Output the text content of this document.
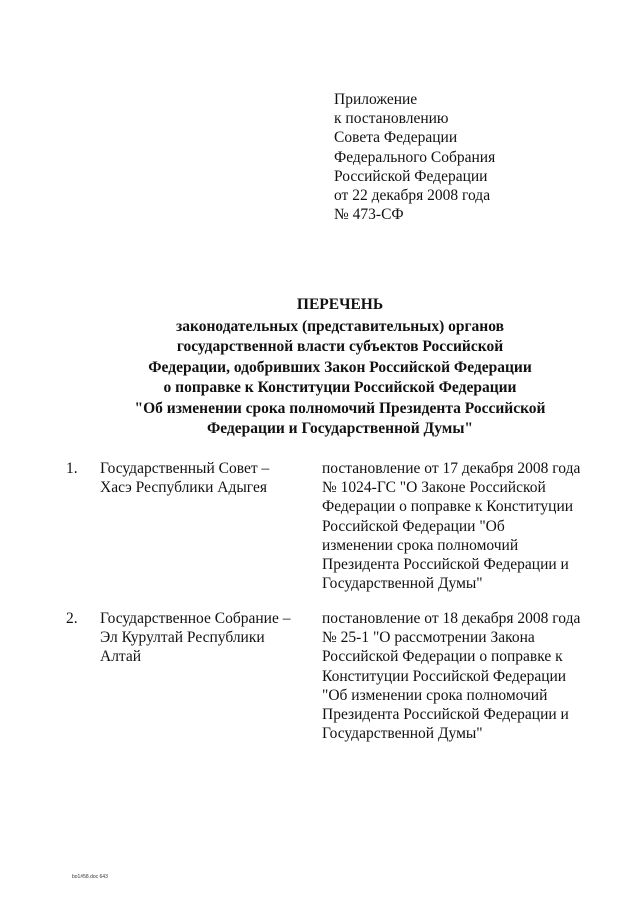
Приложение
к постановлению
Совета Федерации
Федерального Собрания
Российской Федерации
от 22 декабря 2008 года
№ 473-СФ
ПЕРЕЧЕНЬ
законодательных (представительных) органов
государственной власти субъектов Российской
Федерации, одобривших Закон Российской Федерации
о поправке к Конституции Российской Федерации
"Об изменении срока полномочий Президента Российской
Федерации и Государственной Думы"
1. Государственный Совет –
Хасэ Республики Адыгея
постановление от 17 декабря 2008 года
№ 1024-ГС "О Законе Российской
Федерации о поправке к Конституции
Российской Федерации "Об
изменении срока полномочий
Президента Российской Федерации и
Государственной Думы"
2. Государственное Собрание –
Эл Курултай Республики
Алтай
постановление от 18 декабря 2008 года
№ 25-1 "О рассмотрении Закона
Российской Федерации о поправке к
Конституции Российской Федерации
"Об изменении срока полномочий
Президента Российской Федерации и
Государственной Думы"
bo1#58.doc 643
